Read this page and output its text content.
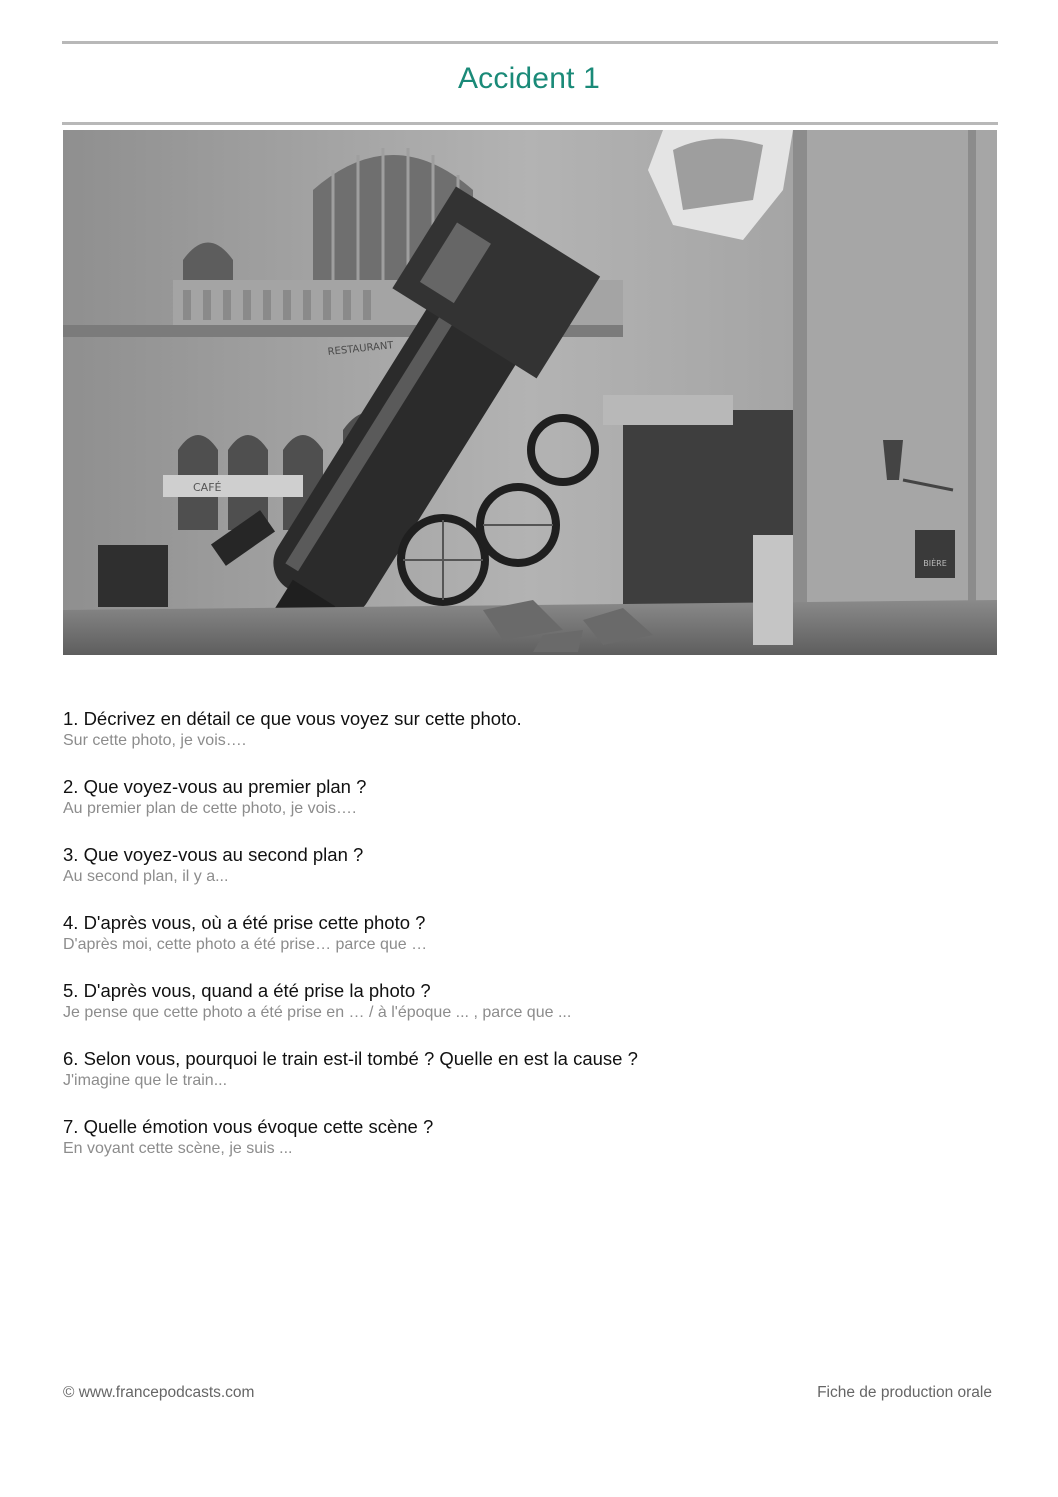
Accident 1
RESTAURANT
CAFÉ
BIÈRE
1. Décrivez en détail ce que vous voyez sur cette photo.
Sur cette photo, je vois….
2. Que voyez-vous au premier plan ?
Au premier plan de cette photo, je vois….
3. Que voyez-vous au second plan ?
Au second plan, il y a...
4. D'après vous, où a été prise cette photo ?
D'après moi, cette photo a été prise… parce que …
5. D'après vous, quand a été prise la photo ?
Je pense que cette photo a été prise en … / à l'époque ... , parce que ...
6. Selon vous, pourquoi le train est-il tombé ? Quelle en est la cause ?
J'imagine que le train...
7. Quelle émotion vous évoque cette scène ?
En voyant cette scène, je suis ...
© www.francepodcasts.com	Fiche de production orale
